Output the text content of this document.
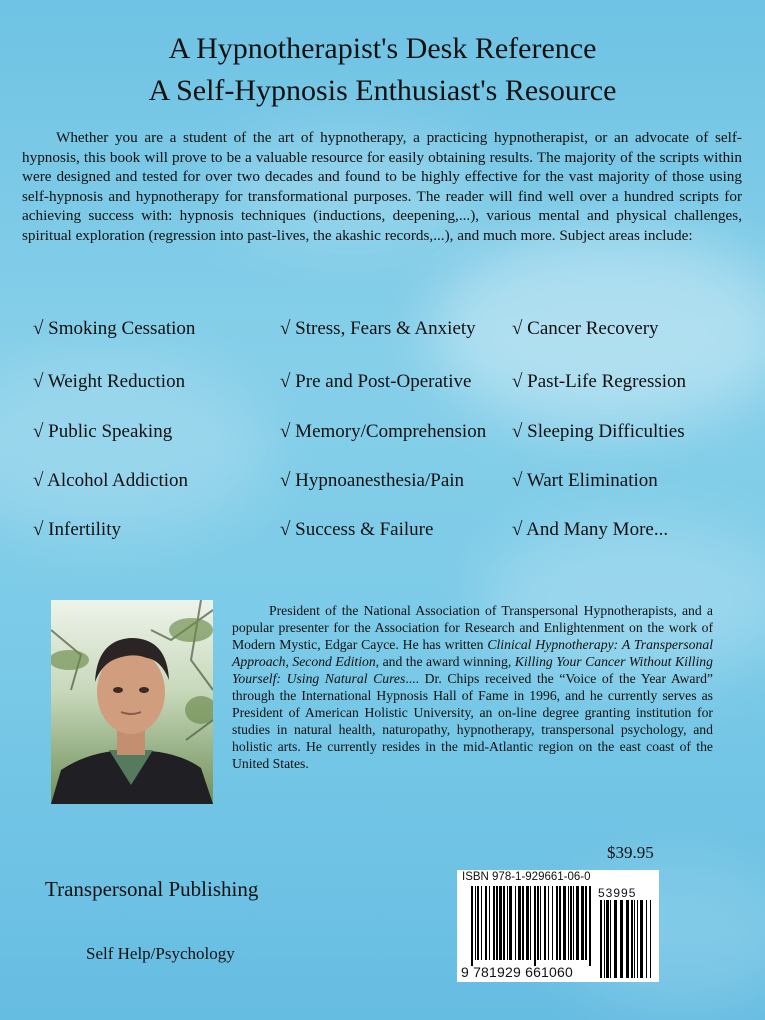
A Hypnotherapist's Desk Reference
A Self-Hypnosis Enthusiast's Resource

Whether you are a student of the art of hypnotherapy, a practicing hypnotherapist, or an advocate of self-hypnosis, this book will prove to be a valuable resource for easily obtaining results. The majority of the scripts within were designed and tested for over two decades and found to be highly effective for the vast majority of those using self-hypnosis and hypnotherapy for transformational purposes. The reader will find well over a hundred scripts for achieving success with: hypnosis techniques (inductions, deepening,...), various mental and physical challenges, spiritual exploration (regression into past-lives, the akashic records,...), and much more. Subject areas include:

√ Smoking Cessation	√ Stress, Fears & Anxiety √ Cancer Recovery
√ Weight Reduction	√ Pre and Post-Operative √ Past-Life Regression
√ Public Speaking	√ Memory/Comprehension √ Sleeping Difficulties
√ Alcohol Addiction	√ Hypnoanesthesia/Pain	√ Wart Elimination
√ Infertility	√ Success & Failure	√ And Many More...

President of the National Association of Transpersonal Hypnotherapists, and a popular presenter for the Association for Research and Enlightenment on the work of Modern Mystic, Edgar Cayce. He has written Clinical Hypnotherapy: A Transpersonal Approach, Second Edition, and the award winning, Killing Your Cancer Without Killing Yourself: Using Natural Cures.... Dr. Chips received the “Voice of the Year Award” through the International Hypnosis Hall of Fame in 1996, and he currently serves as President of American Holistic University, an on-line degree granting institution for studies in natural health, naturopathy, hypnotherapy, transpersonal psychology, and holistic arts. He currently resides in the mid-Atlantic region on the east coast of the United States.

$39.95
Transpersonal Publishing
Self Help/Psychology
ISBN 978-1-929661-06-0
53995
9 781929 661060
